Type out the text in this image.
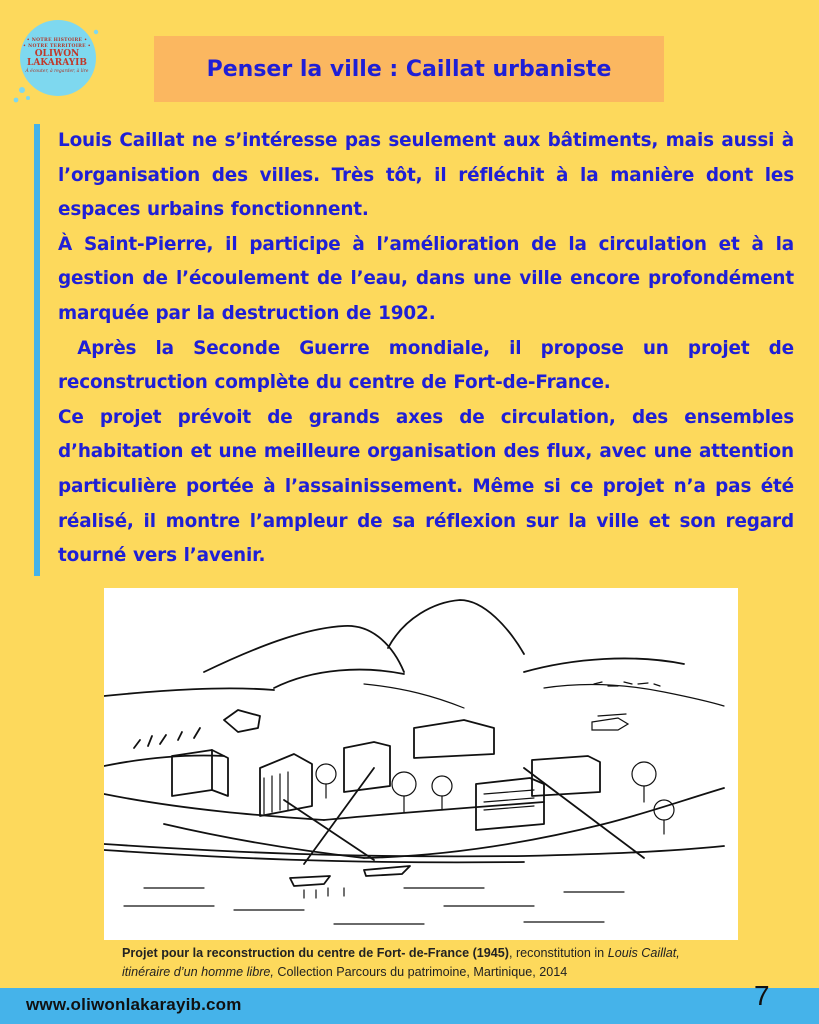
• NOTRE HISTOIRE •
• NOTRE TERRITOIRE •
OLIWON
LAKARAYIB
À écouter, à regarder, à lire	Penser la ville : Caillat urbaniste

Louis Caillat ne s’intéresse pas seulement aux bâtiments, mais aussi à l’organisation des villes. Très tôt, il réfléchit à la manière dont les espaces urbains fonctionnent.

À Saint-Pierre, il participe à l’amélioration de la circulation et à la gestion de l’écoulement de l’eau, dans une ville encore profondément marquée par la destruction de 1902.

Après la Seconde Guerre mondiale, il propose un projet de reconstruction complète du centre de Fort-de-France.

Ce projet prévoit de grands axes de circulation, des ensembles d’habitation et une meilleure organisation des flux, avec une attention particulière portée à l’assainissement. Même si ce projet n’a pas été réalisé, il montre l’ampleur de sa réflexion sur la ville et son regard tourné vers l’avenir.

Projet pour la reconstruction du centre de Fort- de-France (1945), reconstitution in Louis Caillat, itinéraire d’un homme libre, Collection Parcours du patrimoine, Martinique, 2014
www.oliwonlakarayib.com	7
